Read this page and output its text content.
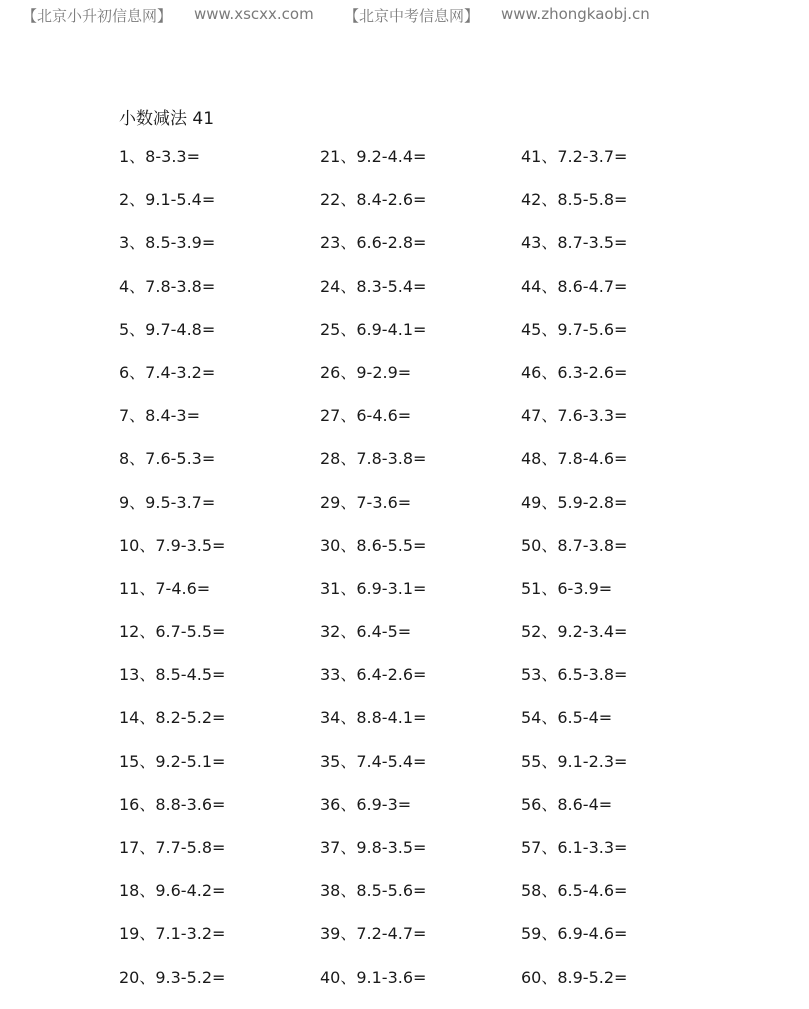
【北京小升初信息网】 www.xscxx.com 【北京中考信息网】 www.zhongkaobj.cn
小数减法 41
1、8-3.3=
2、9.1-5.4=
3、8.5-3.9=
4、7.8-3.8=
5、9.7-4.8=
6、7.4-3.2=
7、8.4-3=
8、7.6-5.3=
9、9.5-3.7=
10、7.9-3.5=
11、7-4.6=
12、6.7-5.5=
13、8.5-4.5=
14、8.2-5.2=
15、9.2-5.1=
16、8.8-3.6=
17、7.7-5.8=
18、9.6-4.2=
19、7.1-3.2=
20、9.3-5.2=
21、9.2-4.4=
22、8.4-2.6=
23、6.6-2.8=
24、8.3-5.4=
25、6.9-4.1=
26、9-2.9=
27、6-4.6=
28、7.8-3.8=
29、7-3.6=
30、8.6-5.5=
31、6.9-3.1=
32、6.4-5=
33、6.4-2.6=
34、8.8-4.1=
35、7.4-5.4=
36、6.9-3=
37、9.8-3.5=
38、8.5-5.6=
39、7.2-4.7=
40、9.1-3.6=
41、7.2-3.7=
42、8.5-5.8=
43、8.7-3.5=
44、8.6-4.7=
45、9.7-5.6=
46、6.3-2.6=
47、7.6-3.3=
48、7.8-4.6=
49、5.9-2.8=
50、8.7-3.8=
51、6-3.9=
52、9.2-3.4=
53、6.5-3.8=
54、6.5-4=
55、9.1-2.3=
56、8.6-4=
57、6.1-3.3=
58、6.5-4.6=
59、6.9-4.6=
60、8.9-5.2=
